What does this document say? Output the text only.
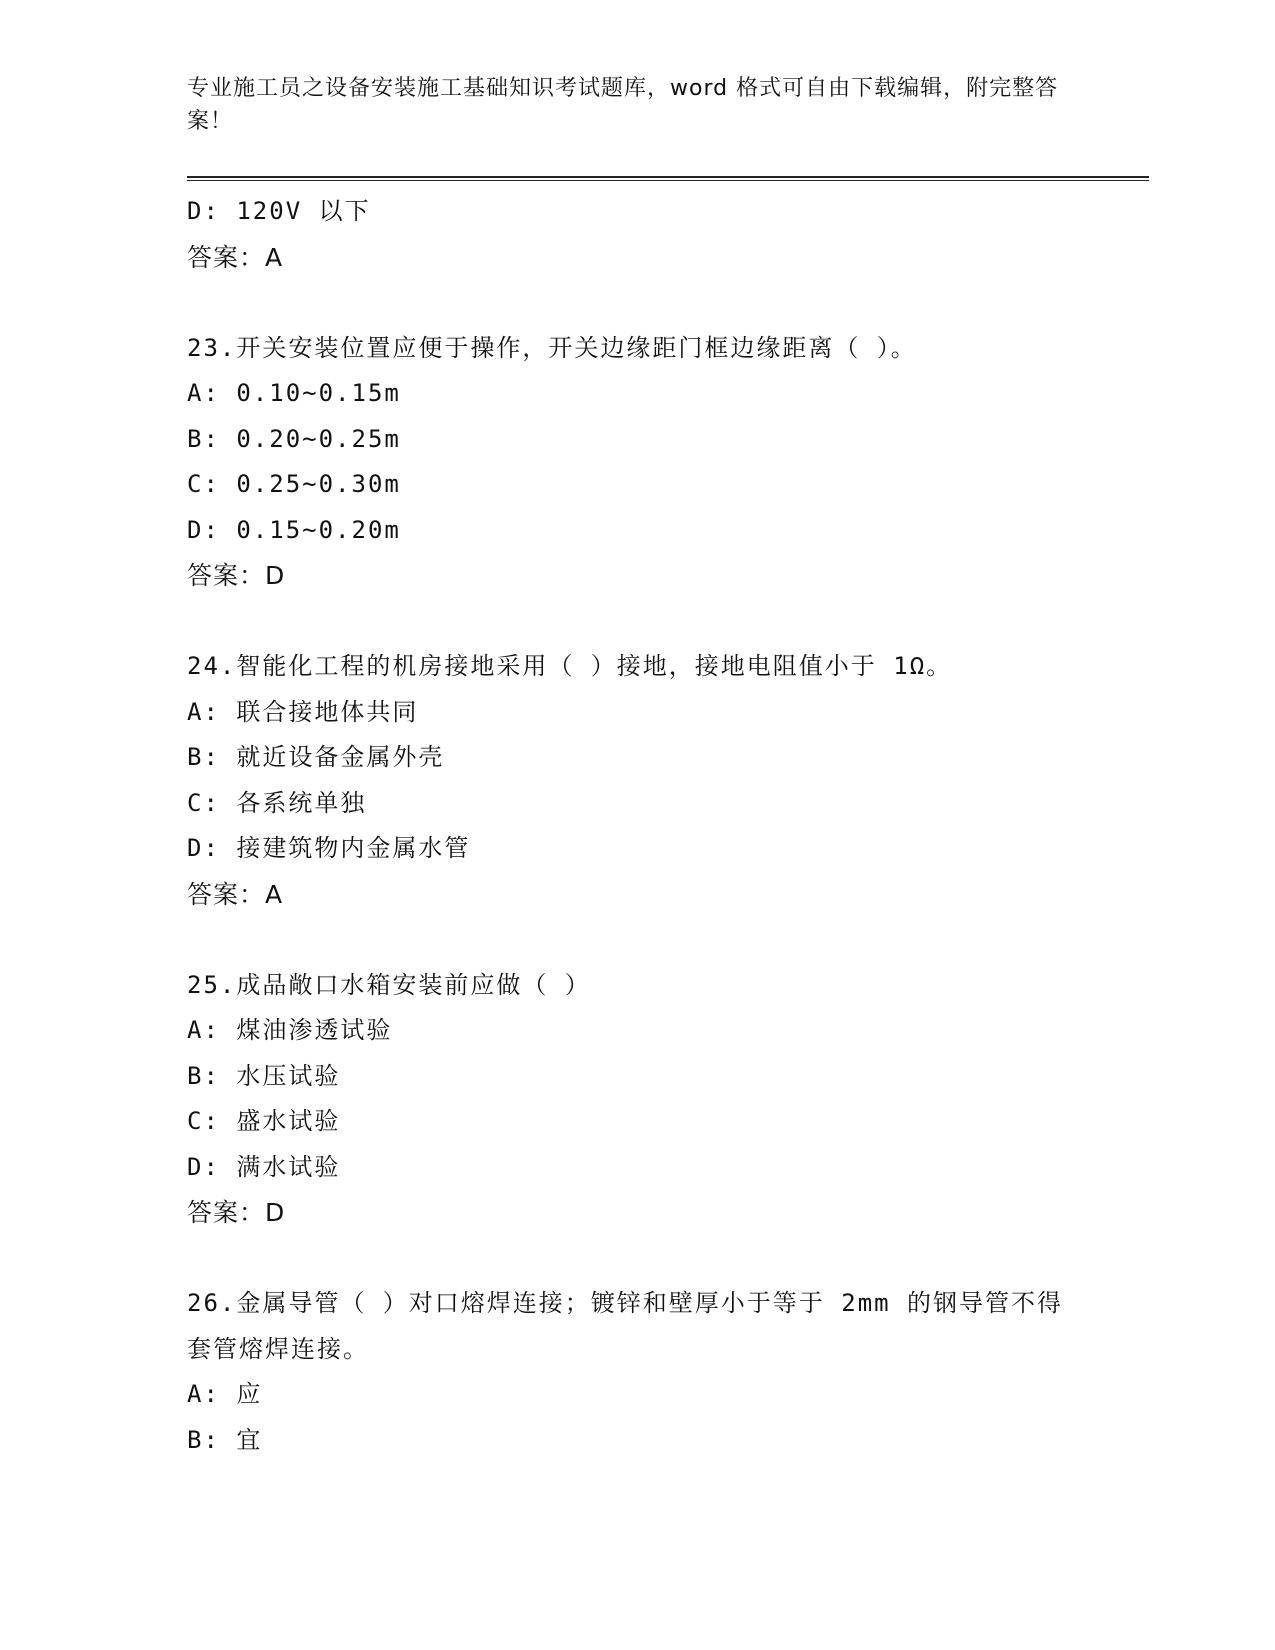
专业施工员之设备安装施工基础知识考试题库，word 格式可自由下载编辑，附完整答案！

D: 120V 以下

答案：A

23.开关安装位置应便于操作，开关边缘距门框边缘距离（ ）。

A: 0.10~0.15m

B: 0.20~0.25m

C: 0.25~0.30m

D: 0.15~0.20m

答案：D

24.智能化工程的机房接地采用（ ）接地，接地电阻值小于 1Ω。

A: 联合接地体共同

B: 就近设备金属外壳

C: 各系统单独

D: 接建筑物内金属水管

答案：A

25.成品敞口水箱安装前应做（ ）

A: 煤油渗透试验

B: 水压试验

C: 盛水试验

D: 满水试验

答案：D

26.金属导管（ ）对口熔焊连接；镀锌和壁厚小于等于 2mm 的钢导管不得套管熔焊连接。

A: 应

B: 宜
